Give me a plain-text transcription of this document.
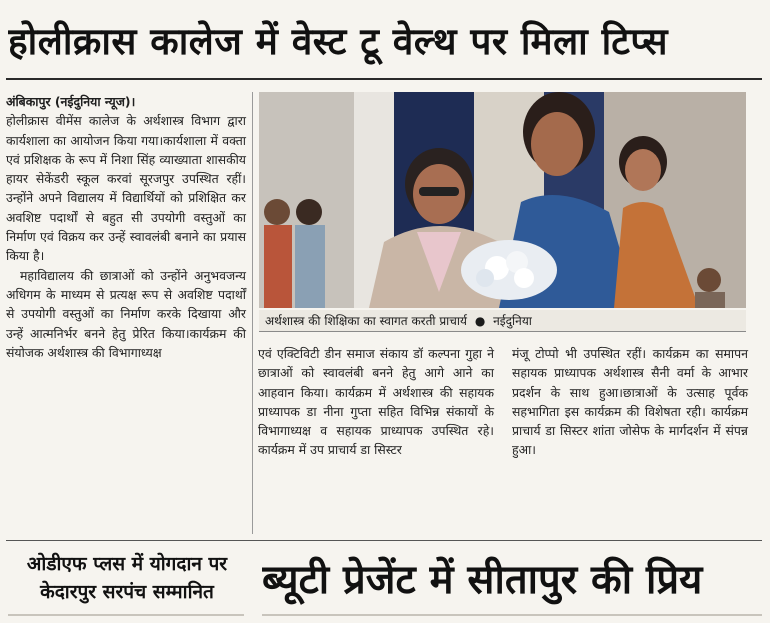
होलीक्रास कालेज में वेस्ट टू वेल्थ पर मिला टिप्स

अंबिकापुर (नईदुनिया न्यूज)।
होलीक्रास वीमेंस कालेज के अर्थशास्त्र विभाग द्वारा कार्यशाला का आयोजन किया गया।कार्यशाला में वक्ता एवं प्रशिक्षक के रूप में निशा सिंह व्याख्याता शासकीय हायर सेकेंडरी स्कूल करवां सूरजपुर उपस्थित रहीं।उन्होंने अपने विद्यालय में विद्यार्थियों को प्रशिक्षित कर अवशिष्ट पदार्थों से बहुत सी उपयोगी वस्तुओं का निर्माण एवं विक्रय कर उन्हें स्वावलंबी बनाने का प्रयास किया है।

महाविद्यालय की छात्राओं को उन्होंने अनुभवजन्य अधिगम के माध्यम से प्रत्यक्ष रूप से अवशिष्ट पदार्थों से उपयोगी वस्तुओं का निर्माण करके दिखाया और उन्हें आत्मनिर्भर बनने हेतु प्रेरित किया।कार्यक्रम की संयोजक अर्थशास्त्र की विभागाध्यक्ष

अर्थशास्त्र की शिक्षिका का स्वागत करती प्राचार्य ● नईदुनिया
एवं एक्टिविटी डीन समाज संकाय डॉ कल्पना गुहा ने छात्राओं को स्वावलंबी बनने हेतु आगे आने का आहवान किया। कार्यक्रम में अर्थशास्त्र की सहायक प्राध्यापक डा नीना गुप्ता सहित विभिन्न संकायों के विभागाध्यक्ष व सहायक प्राध्यापक उपस्थित रहे।कार्यक्रम में उप प्राचार्य डा सिस्टर
मंजू टोप्पो भी उपस्थित रहीं। कार्यक्रम का समापन सहायक प्राध्यापक अर्थशास्त्र सैनी वर्मा के आभार प्रदर्शन के साथ हुआ।छात्राओं के उत्साह पूर्वक सहभागिता इस कार्यक्रम की विशेषता रही। कार्यक्रम प्राचार्य डा सिस्टर शांता जोसेफ के मार्गदर्शन में संपन्न हुआ।
ओडीएफ प्लस में योगदान पर
केदारपुर सरपंच सम्मानित	ब्यूटी प्रेजेंट में सीतापुर की प्रिय
